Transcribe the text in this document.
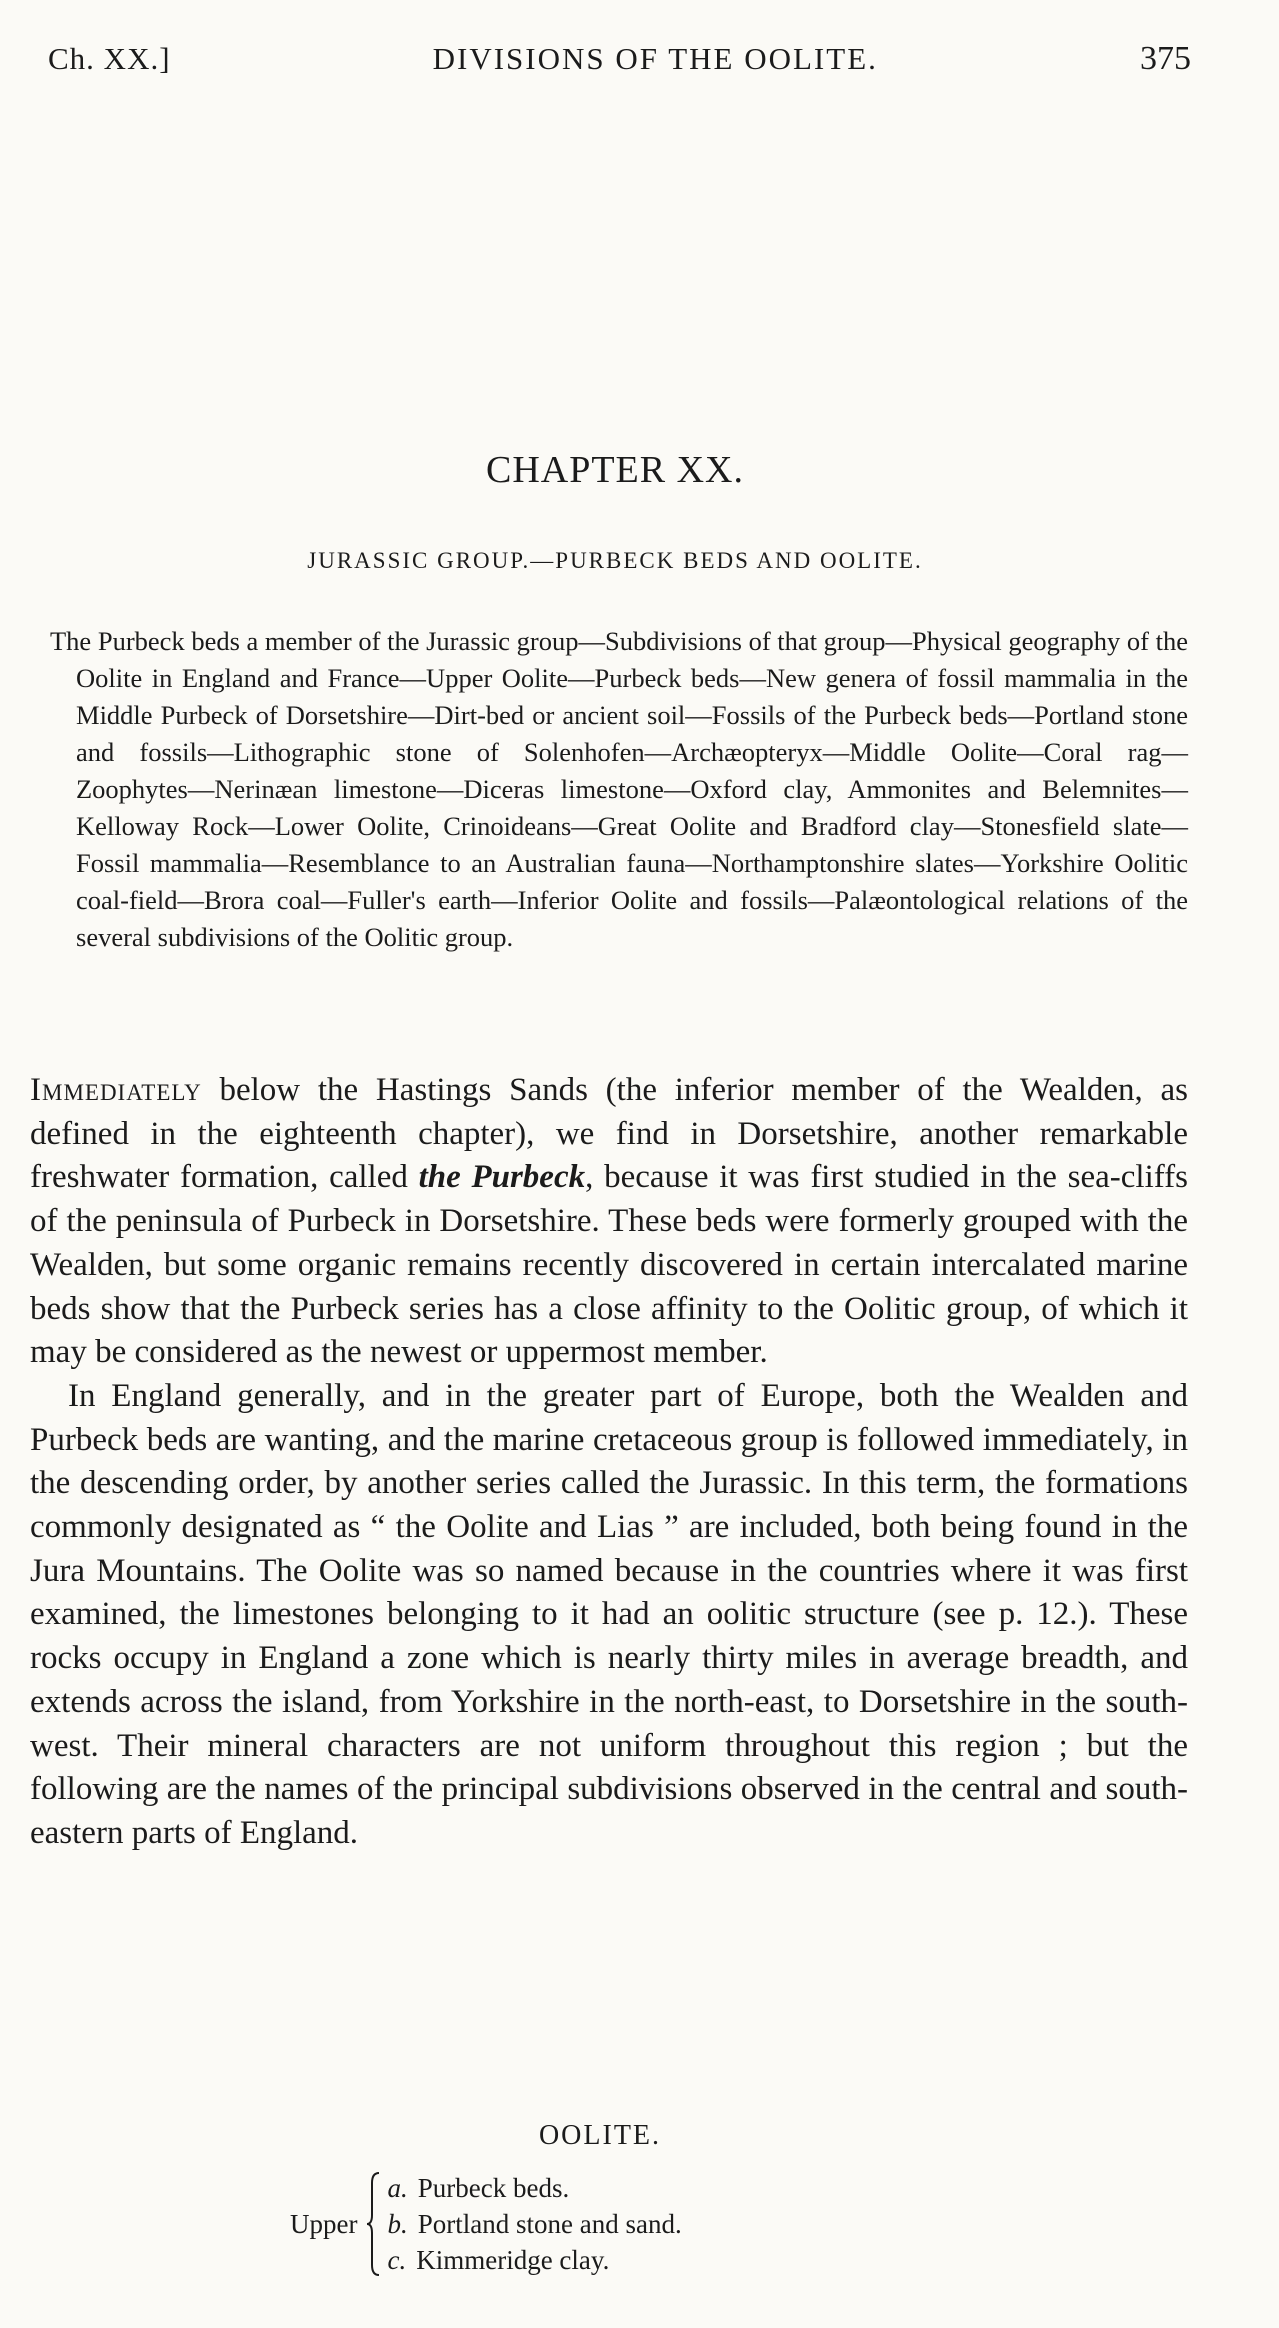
Ch. XX.]	DIVISIONS OF THE OOLITE.	375
CHAPTER XX.
JURASSIC GROUP.—PURBECK BEDS AND OOLITE.
The Purbeck beds a member of the Jurassic group—Subdivisions of that group—Physical geography of the Oolite in England and France—Upper Oolite—Purbeck beds—New genera of fossil mammalia in the Middle Purbeck of Dorsetshire—Dirt-bed or ancient soil—Fossils of the Purbeck beds—Portland stone and fossils—Lithographic stone of Solenhofen—Archæopteryx—Middle Oolite—Coral rag—Zoophytes—Nerinæan limestone—Diceras limestone—Oxford clay, Ammonites and Belemnites—Kelloway Rock—Lower Oolite, Crinoideans—Great Oolite and Bradford clay—Stonesfield slate—Fossil mammalia—Resemblance to an Australian fauna—Northamptonshire slates—Yorkshire Oolitic coal-field—Brora coal—Fuller's earth—Inferior Oolite and fossils—Palæontological relations of the several subdivisions of the Oolitic group.

Immediately below the Hastings Sands (the inferior member of the Wealden, as defined in the eighteenth chapter), we find in Dorsetshire, another remarkable freshwater formation, called the Purbeck, because it was first studied in the sea-cliffs of the peninsula of Purbeck in Dorsetshire. These beds were formerly grouped with the Wealden, but some organic remains recently discovered in certain intercalated marine beds show that the Purbeck series has a close affinity to the Oolitic group, of which it may be considered as the newest or uppermost member.

In England generally, and in the greater part of Europe, both the Wealden and Purbeck beds are wanting, and the marine cretaceous group is followed immediately, in the descending order, by another series called the Jurassic. In this term, the formations commonly designated as “ the Oolite and Lias ” are included, both being found in the Jura Mountains. The Oolite was so named because in the countries where it was first examined, the limestones belonging to it had an oolitic structure (see p. 12.). These rocks occupy in England a zone which is nearly thirty miles in average breadth, and extends across the island, from Yorkshire in the north-east, to Dorsetshire in the south-west. Their mineral characters are not uniform throughout this region ; but the following are the names of the principal subdivisions observed in the central and south-eastern parts of England.

OOLITE.
Upper
a. Purbeck beds.
b. Portland stone and sand.
c. Kimmeridge clay.
